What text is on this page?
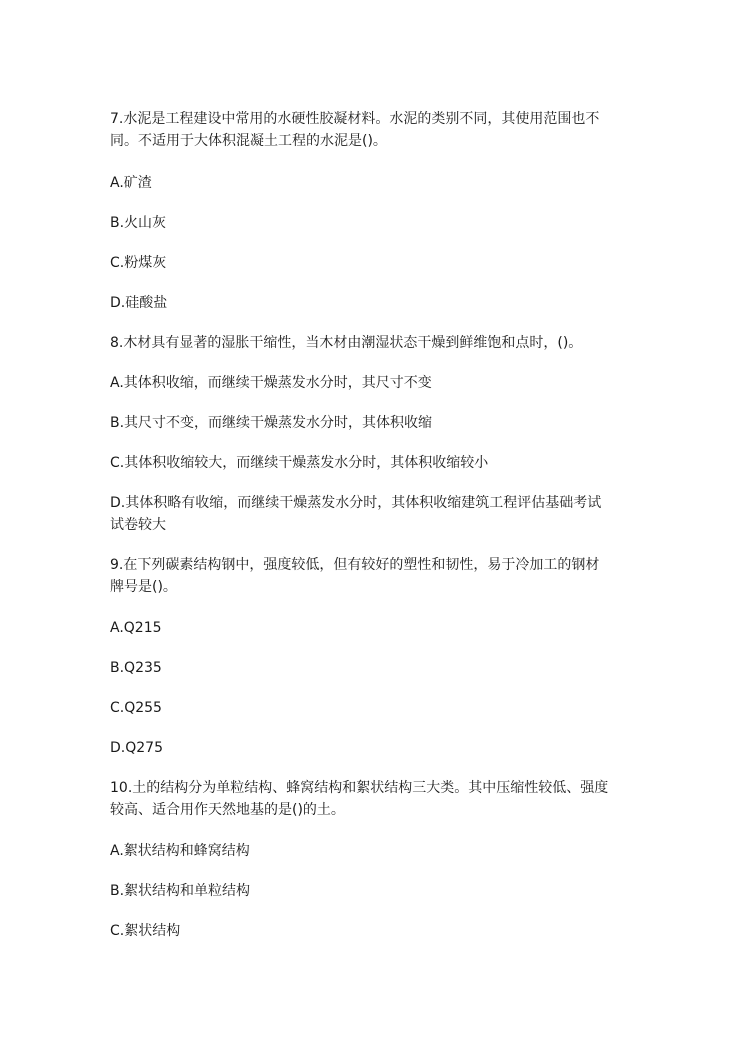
7.水泥是工程建设中常用的水硬性胶凝材料。水泥的类别不同，其使用范围也不
同。不适用于大体积混凝土工程的水泥是()。
A.矿渣
B.火山灰
C.粉煤灰
D.硅酸盐
8.木材具有显著的湿胀干缩性，当木材由潮湿状态干燥到鲜维饱和点时，()。
A.其体积收缩，而继续干燥蒸发水分时，其尺寸不变
B.其尺寸不变，而继续干燥蒸发水分时，其体积收缩
C.其体积收缩较大，而继续干燥蒸发水分时，其体积收缩较小
D.其体积略有收缩，而继续干燥蒸发水分时，其体积收缩建筑工程评估基础考试
试卷较大
9.在下列碳素结构钢中，强度较低，但有较好的塑性和韧性，易于冷加工的钢材
牌号是()。
A.Q215
B.Q235
C.Q255
D.Q275
10.土的结构分为单粒结构、蜂窝结构和絮状结构三大类。其中压缩性较低、强度
较高、适合用作天然地基的是()的土。
A.絮状结构和蜂窝结构
B.絮状结构和单粒结构
C.絮状结构
